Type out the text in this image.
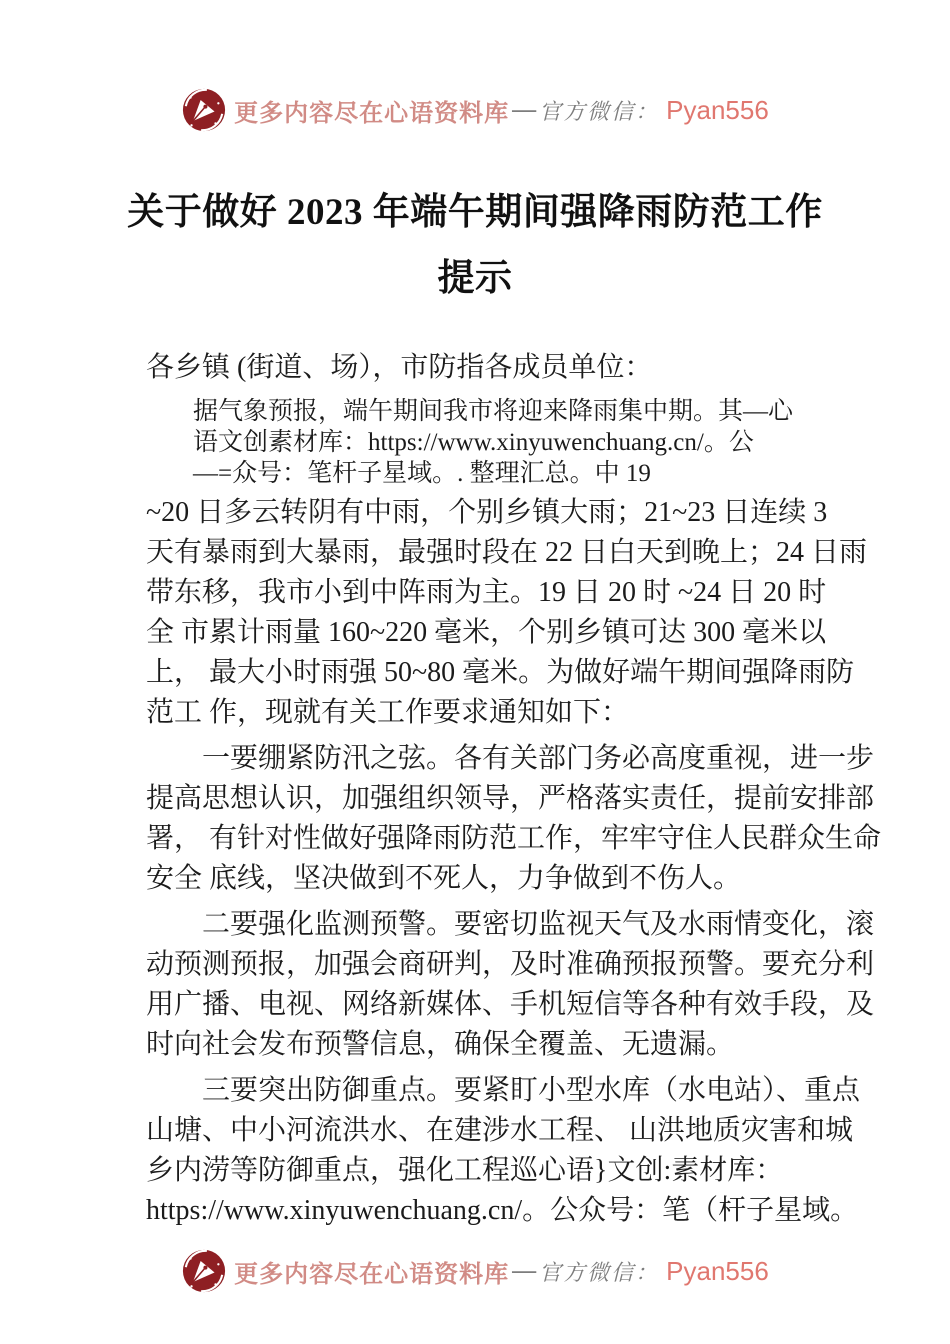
更多内容尽在心语资料库 — 官方微信： Pyan556
关于做好 2023 年端午期间强降雨防范工作
提示
各乡镇 (街道、场），市防指各成员单位：
据气象预报，端午期间我市将迎来降雨集中期。其—心
语文创素材库：https://www.xinyuwenchuang.cn/。公
—=众号：笔杆子星域。. 整理汇总。中 19
~20 日多云转阴有中雨，个别乡镇大雨；21~23 日连续 3
天有暴雨到大暴雨，最强时段在 22 日白天到晚上；24 日雨
带东移，我市小到中阵雨为主。19 日 20 时 ~24 日 20 时
全 市累计雨量 160~220 毫米，个别乡镇可达 300 毫米以
上， 最大小时雨强 50~80 毫米。为做好端午期间强降雨防
范工 作，现就有关工作要求通知如下：
一要绷紧防汛之弦。各有关部门务必高度重视，进一步
提高思想认识，加强组织领导，严格落实责任，提前安排部
署， 有针对性做好强降雨防范工作，牢牢守住人民群众生命
安全 底线，坚决做到不死人，力争做到不伤人。
二要强化监测预警。要密切监视天气及水雨情变化，滚
动预测预报，加强会商研判，及时准确预报预警。要充分利
用广播、电视、网络新媒体、手机短信等各种有效手段，及
时向社会发布预警信息，确保全覆盖、无遗漏。
三要突出防御重点。要紧盯小型水库（水电站）、重点
山塘、中小河流洪水、在建涉水工程、 山洪地质灾害和城
乡内涝等防御重点，强化工程巡心语}文创:素材库：
https://www.xinyuwenchuang.cn/。公众号：笔（杆子星域。
更多内容尽在心语资料库 — 官方微信： Pyan556
